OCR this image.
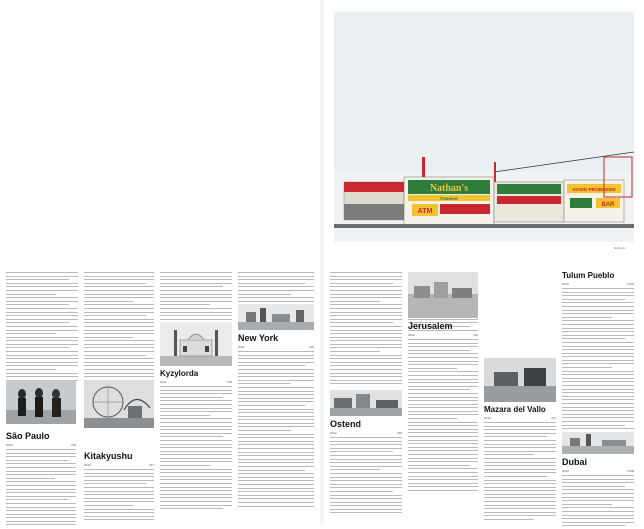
São Paulo
2012	739
Kitakyushu
2012	737
Kyzylorda
2011	736
New York
2011	735
Nathan's
Famous
ATM
AVOID PROBLEMS
BAR
Nathan's
Jerusalem
2012	740
Ostend
2012	738
Tulum Pueblo
2013	741A
Mazara del Vallo
2013	741
Dubai
2013	741B
